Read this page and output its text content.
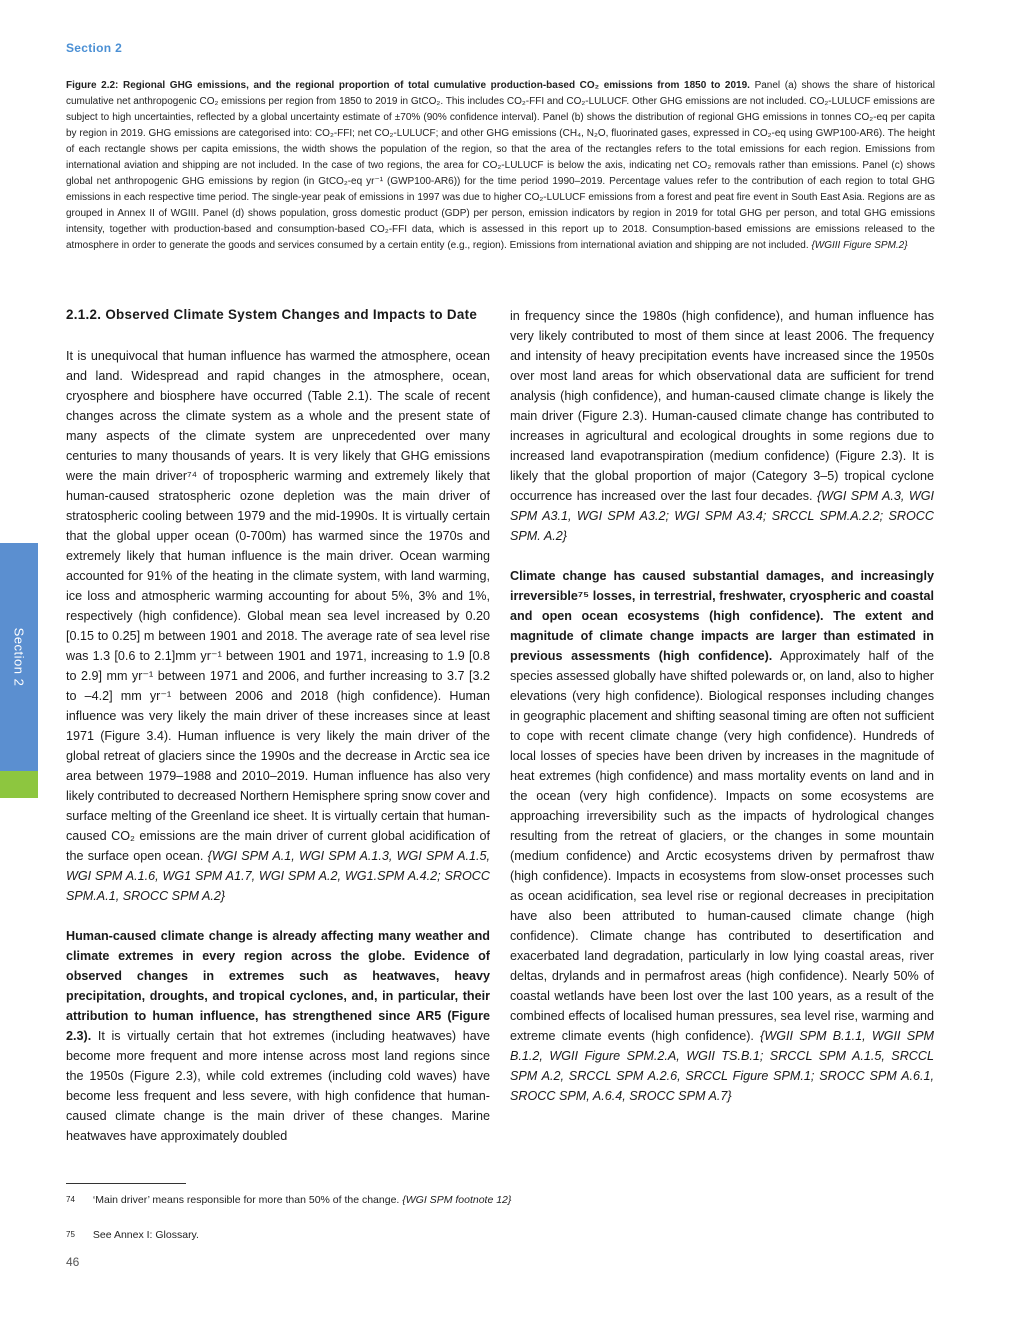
Section 2
Figure 2.2: Regional GHG emissions, and the regional proportion of total cumulative production-based CO₂ emissions from 1850 to 2019. Panel (a) shows the share of historical cumulative net anthropogenic CO₂ emissions per region from 1850 to 2019 in GtCO₂. This includes CO₂-FFI and CO₂-LULUCF. Other GHG emissions are not included. CO₂-LULUCF emissions are subject to high uncertainties, reflected by a global uncertainty estimate of ±70% (90% confidence interval). Panel (b) shows the distribution of regional GHG emissions in tonnes CO₂-eq per capita by region in 2019. GHG emissions are categorised into: CO₂-FFI; net CO₂-LULUCF; and other GHG emissions (CH₄, N₂O, fluorinated gases, expressed in CO₂-eq using GWP100-AR6). The height of each rectangle shows per capita emissions, the width shows the population of the region, so that the area of the rectangles refers to the total emissions for each region. Emissions from international aviation and shipping are not included. In the case of two regions, the area for CO₂-LULUCF is below the axis, indicating net CO₂ removals rather than emissions. Panel (c) shows global net anthropogenic GHG emissions by region (in GtCO₂-eq yr⁻¹ (GWP100-AR6)) for the time period 1990–2019. Percentage values refer to the contribution of each region to total GHG emissions in each respective time period. The single-year peak of emissions in 1997 was due to higher CO₂-LULUCF emissions from a forest and peat fire event in South East Asia. Regions are as grouped in Annex II of WGIII. Panel (d) shows population, gross domestic product (GDP) per person, emission indicators by region in 2019 for total GHG per person, and total GHG emissions intensity, together with production-based and consumption-based CO₂-FFI data, which is assessed in this report up to 2018. Consumption-based emissions are emissions released to the atmosphere in order to generate the goods and services consumed by a certain entity (e.g., region). Emissions from international aviation and shipping are not included. {WGIII Figure SPM.2}
2.1.2. Observed Climate System Changes and Impacts to Date

It is unequivocal that human influence has warmed the atmosphere, ocean and land. Widespread and rapid changes in the atmosphere, ocean, cryosphere and biosphere have occurred (Table 2.1). The scale of recent changes across the climate system as a whole and the present state of many aspects of the climate system are unprecedented over many centuries to many thousands of years. It is very likely that GHG emissions were the main driver⁷⁴ of tropospheric warming and extremely likely that human-caused stratospheric ozone depletion was the main driver of stratospheric cooling between 1979 and the mid-1990s. It is virtually certain that the global upper ocean (0-700m) has warmed since the 1970s and extremely likely that human influence is the main driver. Ocean warming accounted for 91% of the heating in the climate system, with land warming, ice loss and atmospheric warming accounting for about 5%, 3% and 1%, respectively (high confidence). Global mean sea level increased by 0.20 [0.15 to 0.25] m between 1901 and 2018. The average rate of sea level rise was 1.3 [0.6 to 2.1]mm yr⁻¹ between 1901 and 1971, increasing to 1.9 [0.8 to 2.9] mm yr⁻¹ between 1971 and 2006, and further increasing to 3.7 [3.2 to –4.2] mm yr⁻¹ between 2006 and 2018 (high confidence). Human influence was very likely the main driver of these increases since at least 1971 (Figure 3.4). Human influence is very likely the main driver of the global retreat of glaciers since the 1990s and the decrease in Arctic sea ice area between 1979–1988 and 2010–2019. Human influence has also very likely contributed to decreased Northern Hemisphere spring snow cover and surface melting of the Greenland ice sheet. It is virtually certain that human-caused CO₂ emissions are the main driver of current global acidification of the surface open ocean. {WGI SPM A.1, WGI SPM A.1.3, WGI SPM A.1.5, WGI SPM A.1.6, WG1 SPM A1.7, WGI SPM A.2, WG1.SPM A.4.2; SROCC SPM.A.1, SROCC SPM A.2}

Human-caused climate change is already affecting many weather and climate extremes in every region across the globe. Evidence of observed changes in extremes such as heatwaves, heavy precipitation, droughts, and tropical cyclones, and, in particular, their attribution to human influence, has strengthened since AR5 (Figure 2.3). It is virtually certain that hot extremes (including heatwaves) have become more frequent and more intense across most land regions since the 1950s (Figure 2.3), while cold extremes (including cold waves) have become less frequent and less severe, with high confidence that human-caused climate change is the main driver of these changes. Marine heatwaves have approximately doubled

in frequency since the 1980s (high confidence), and human influence has very likely contributed to most of them since at least 2006. The frequency and intensity of heavy precipitation events have increased since the 1950s over most land areas for which observational data are sufficient for trend analysis (high confidence), and human-caused climate change is likely the main driver (Figure 2.3). Human-caused climate change has contributed to increases in agricultural and ecological droughts in some regions due to increased land evapotranspiration (medium confidence) (Figure 2.3). It is likely that the global proportion of major (Category 3–5) tropical cyclone occurrence has increased over the last four decades. {WGI SPM A.3, WGI SPM A3.1, WGI SPM A3.2; WGI SPM A3.4; SRCCL SPM.A.2.2; SROCC SPM. A.2}

Climate change has caused substantial damages, and increasingly irreversible⁷⁵ losses, in terrestrial, freshwater, cryospheric and coastal and open ocean ecosystems (high confidence). The extent and magnitude of climate change impacts are larger than estimated in previous assessments (high confidence). Approximately half of the species assessed globally have shifted polewards or, on land, also to higher elevations (very high confidence). Biological responses including changes in geographic placement and shifting seasonal timing are often not sufficient to cope with recent climate change (very high confidence). Hundreds of local losses of species have been driven by increases in the magnitude of heat extremes (high confidence) and mass mortality events on land and in the ocean (very high confidence). Impacts on some ecosystems are approaching irreversibility such as the impacts of hydrological changes resulting from the retreat of glaciers, or the changes in some mountain (medium confidence) and Arctic ecosystems driven by permafrost thaw (high confidence). Impacts in ecosystems from slow-onset processes such as ocean acidification, sea level rise or regional decreases in precipitation have also been attributed to human-caused climate change (high confidence). Climate change has contributed to desertification and exacerbated land degradation, particularly in low lying coastal areas, river deltas, drylands and in permafrost areas (high confidence). Nearly 50% of coastal wetlands have been lost over the last 100 years, as a result of the combined effects of localised human pressures, sea level rise, warming and extreme climate events (high confidence). {WGII SPM B.1.1, WGII SPM B.1.2, WGII Figure SPM.2.A, WGII TS.B.1; SRCCL SPM A.1.5, SRCCL SPM A.2, SRCCL SPM A.2.6, SRCCL Figure SPM.1; SROCC SPM A.6.1, SROCC SPM, A.6.4, SROCC SPM A.7}

Section 2
74 ‘Main driver’ means responsible for more than 50% of the change. {WGI SPM footnote 12}
75 See Annex I: Glossary.
46
